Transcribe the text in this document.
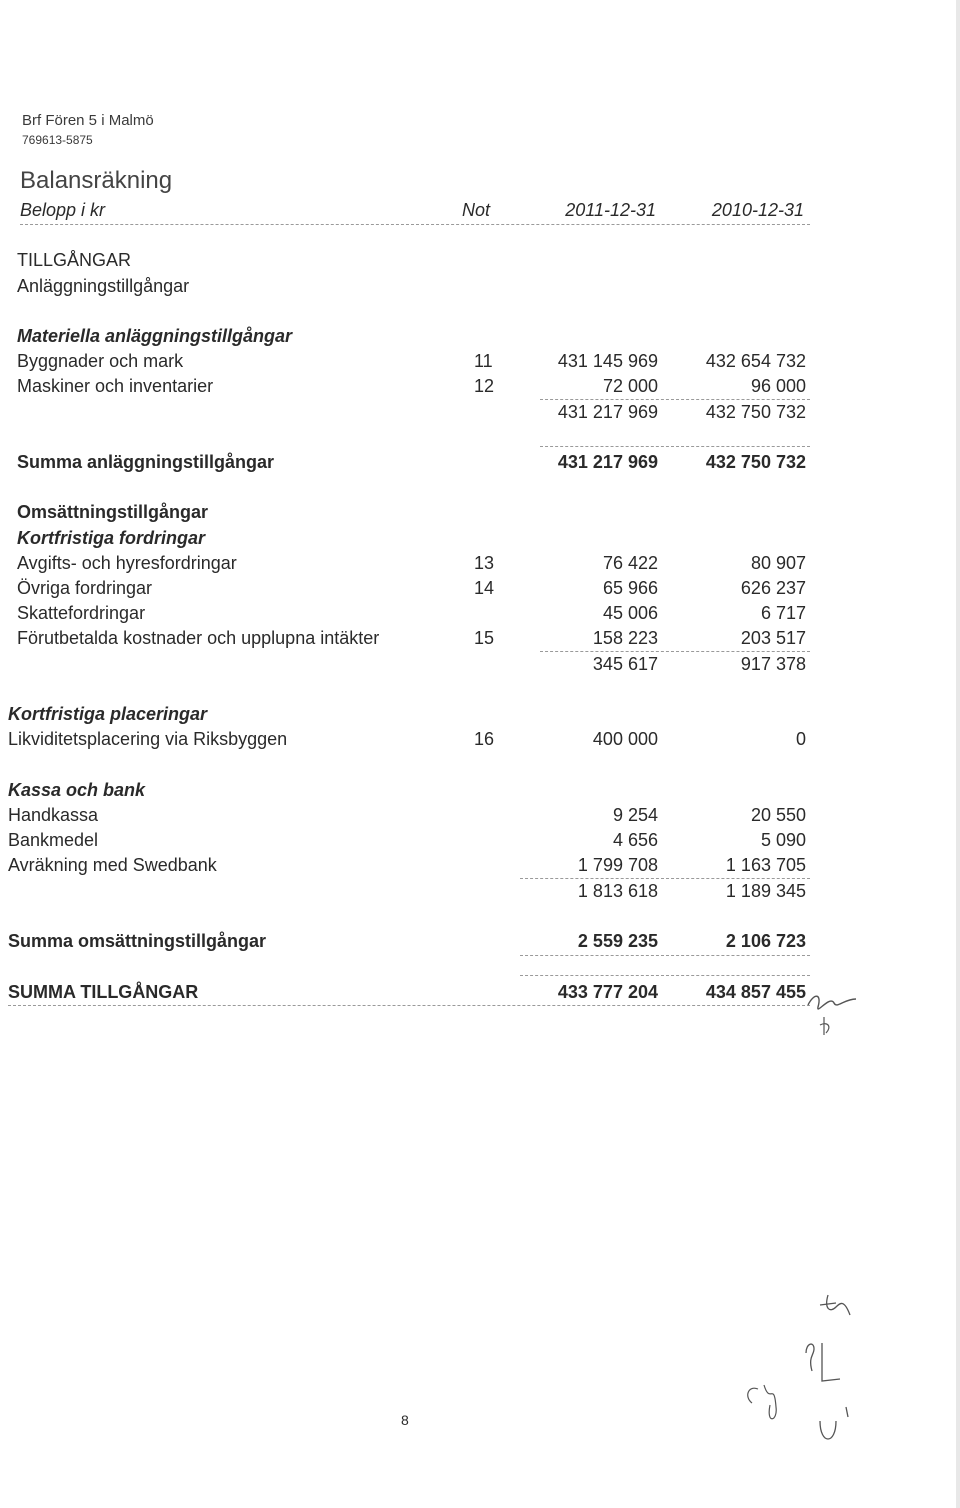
Brf Fören 5 i Malmö
769613-5875
Balansräkning
Belopp i kr	Not	2011-12-31	2010-12-31
TILLGÅNGAR
Anläggningstillgångar
Materiella anläggningstillgångar
Byggnader och mark	11	431 145 969	432 654 732
Maskiner och inventarier	12	72 000	96 000
431 217 969	432 750 732
Summa anläggningstillgångar	431 217 969	432 750 732
Omsättningstillgångar
Kortfristiga fordringar
Avgifts- och hyresfordringar	13	76 422	80 907
Övriga fordringar	14	65 966	626 237
Skattefordringar	45 006	6 717
Förutbetalda kostnader och upplupna intäkter	15	158 223	203 517
345 617	917 378
Kortfristiga placeringar
Likviditetsplacering via Riksbyggen	16	400 000	0
Kassa och bank
Handkassa	9 254	20 550
Bankmedel	4 656	5 090
Avräkning med Swedbank	1 799 708	1 163 705
1 813 618	1 189 345
Summa omsättningstillgångar	2 559 235	2 106 723
SUMMA TILLGÅNGAR	433 777 204	434 857 455
8
